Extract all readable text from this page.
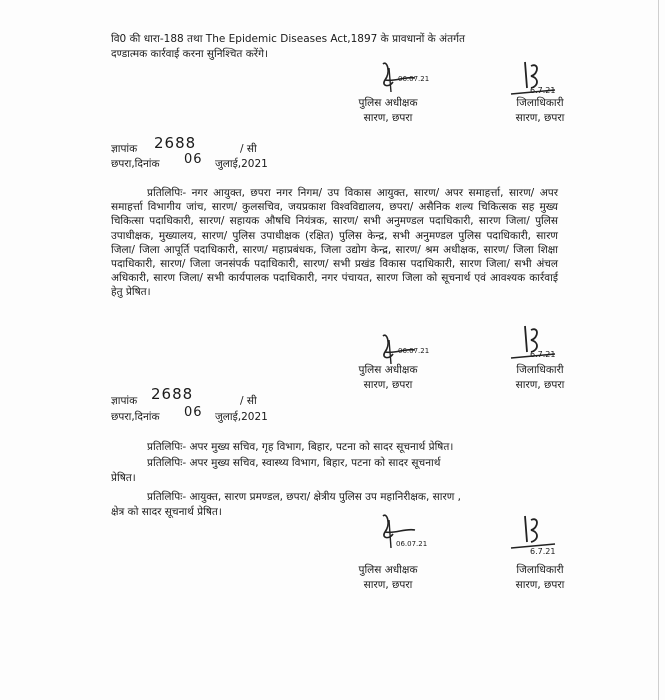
वि0 की धारा-188 तथा The Epidemic Diseases Act,1897 के प्रावधानों के अंतर्गत
दण्डात्मक कार्रवाई करना सुनिश्चित करेंगे।
06.07.21
6.7.21
पुलिस अधीक्षक
सारण, छपरा
जिलाधिकारी
सारण, छपरा
ज्ञापांक 2688	/ सी
छपरा,दिनांक 06 जुलाई,2021
प्रतिलिपिः- नगर आयुक्त, छपरा नगर निगम/ उप विकास आयुक्त, सारण/ अपर समाहर्त्ता, सारण/ अपर समाहर्त्ता विभागीय जांच, सारण/ कुलसचिव, जयप्रकाश विश्वविद्यालय, छपरा/ असैनिक शल्य चिकित्सक सह मुख्य चिकित्सा पदाधिकारी, सारण/ सहायक औषधि नियंत्रक, सारण/ सभी अनुमण्डल पदाधिकारी, सारण जिला/ पुलिस उपाधीक्षक, मुख्यालय, सारण/ पुलिस उपाधीक्षक (रक्षित) पुलिस केन्द्र, सभी अनुमण्डल पुलिस पदाधिकारी, सारण जिला/ जिला आपूर्ति पदाधिकारी, सारण/ महाप्रबंधक, जिला उद्योग केन्द्र, सारण/ श्रम अधीक्षक, सारण/ जिला शिक्षा पदाधिकारी, सारण/ जिला जनसंपर्क पदाधिकारी, सारण/ सभी प्रखंड विकास पदाधिकारी, सारण जिला/ सभी अंचल अधिकारी, सारण जिला/ सभी कार्यपालक पदाधिकारी, नगर पंचायत, सारण जिला को सूचनार्थ एवं आवश्यक कार्रवाई हेतु प्रेषित।
06.07.21	6.7.21
पुलिस अधीक्षक
सारण, छपरा
जिलाधिकारी
सारण, छपरा
ज्ञापांक 2688	/ सी
छपरा,दिनांक 06 जुलाई,2021
प्रतिलिपिः- अपर मुख्य सचिव, गृह विभाग, बिहार, पटना को सादर सूचनार्थ प्रेषित।
प्रतिलिपिः- अपर मुख्य सचिव, स्वास्थ्य विभाग, बिहार, पटना को सादर सूचनार्थ
प्रेषित।
प्रतिलिपिः- आयुक्त, सारण प्रमण्डल, छपरा/ क्षेत्रीय पुलिस उप महानिरीक्षक, सारण ,
क्षेत्र को सादर सूचनार्थ प्रेषित।
06.07.21
6.7.21
पुलिस अधीक्षक
सारण, छपरा
जिलाधिकारी
सारण, छपरा
